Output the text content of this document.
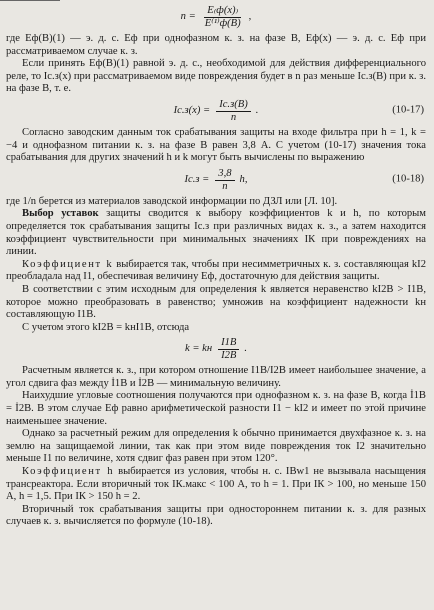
$n = \frac{E_(ф(x)_)}{\text{E⁽¹⁾ф(B)}}$ ,

где Eф(B)(1) — э. д. с. Eф при однофазном к. з. на фазе B, Eф(x) — э. д. с. Eф при рассматриваемом случае к. з.

Если принять Eф(B)(1) равной э. д. с., необходимой для действия дифференциального реле, то Iс.з(x) при рассматриваемом виде повреждения будет в n раз меньше Iс.з(B) при к. з. на фазе B, т. е.

$Iс.з(x) = \frac{Iс.з(B)}{n}$ .	(10-17)

Согласно заводским данным ток срабатывания защиты на входе фильтра при h = 1, k = −4 и однофазном питании к. з. на фазе B равен 3,8 А. С учетом (10-17) значения тока срабатывания для других значений h и k могут быть вычислены по выражению

$Iс.з = \frac{3,8}{n} h$,	(10-18)

где 1/n берется из материалов заводской информации по ДЗЛ или [Л. 10].

Выбор уставок защиты сводится к выбору коэффициентов k и h, по которым определяется ток срабатывания защиты Iс.з при различных видах к. з., а затем находится коэффициент чувствительности при минимальных значениях IК при повреждениях на линии.

Коэффициент k выбирается так, чтобы при несимметричных к. з. составляющая kI2 преобладала над I1, обеспечивая величину Eф, достаточную для действия защиты.

В соответствии с этим исходным для определения k является неравенство kI2B > I1B, которое можно преобразовать в равенство; умножив на коэффициент надежности kн составляющую I1B.

С учетом этого kI2B = kнI1B, отсюда

k = kн $\frac{I1B}{I2B}$ .

Расчетным является к. з., при котором отношение I1B/I2B имеет наибольшее значение, а угол сдвига фаз между İ1B и İ2B — минимальную величину.

Наихудшие угловые соотношения получаются при однофазном к. з. на фазе B, когда İ1B = İ2B. В этом случае Eф равно арифметической разности I1 − kI2 и имеет по этой причине наименьшее значение.

Однако за расчетный режим для определения k обычно принимается двухфазное к. з. на землю на защищаемой линии, так как при этом виде повреждения ток I2 значительно меньше I1 по величине, хотя сдвиг фаз равен при этом 120°.

Коэффициент h выбирается из условия, чтобы н. с. IBw1 не вызывала насыщения трансреактора. Если вторичный ток IК.макс < 100 А, то h = 1. При IК > 100, но меньше 150 А, h = 1,5. При IК > 150 h = 2.

Вторичный ток срабатывания защиты при одностороннем питании к. з. для разных случаев к. з. вычисляется по формуле (10-18).
